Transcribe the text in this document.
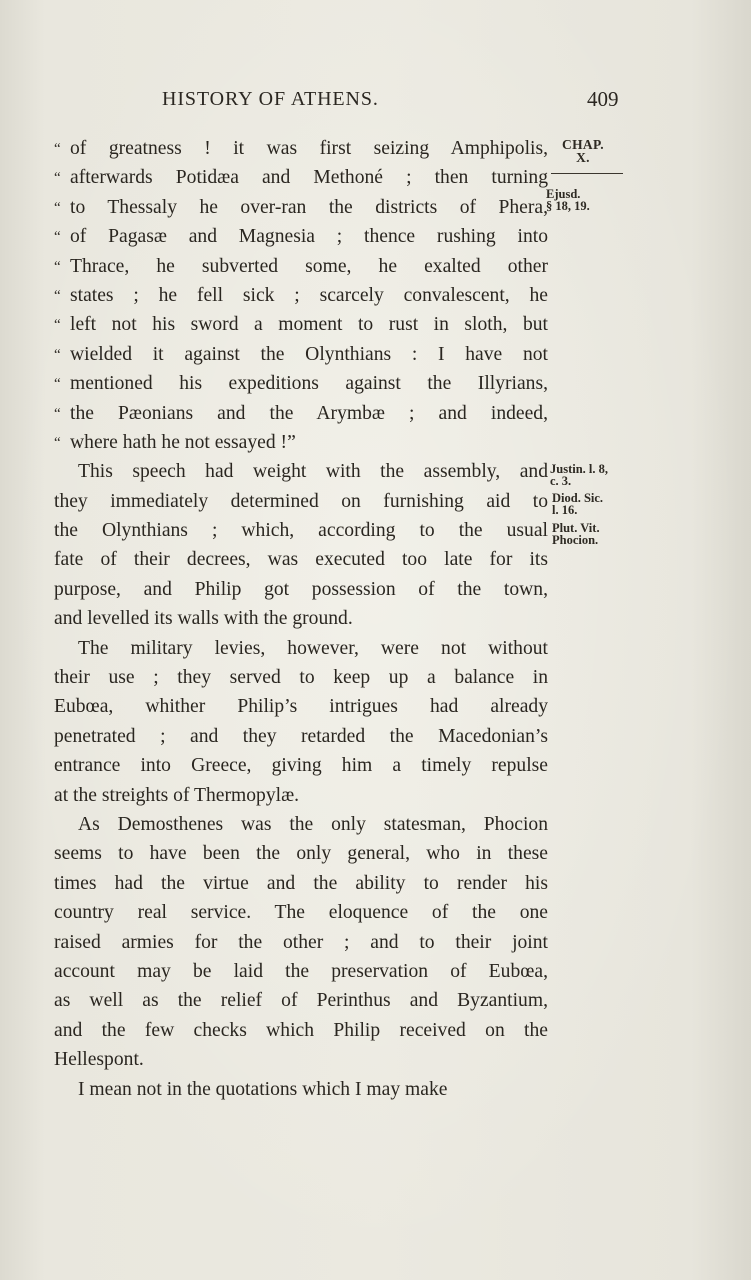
HISTORY OF ATHENS.	409
CHAP.
X.
Ejusd.
§ 18, 19.
Justin. l. 8,
c. 3.
Diod. Sic.
l. 16.
Plut. Vit.
Phocion.
“ of greatness ! it was first seizing Amphipolis,
“ afterwards Potidæa and Methoné ; then turning
“ to Thessaly he over-ran the districts of Phera,
“ of Pagasæ and Magnesia ; thence rushing into
“ Thrace, he subverted some, he exalted other
“ states ; he fell sick ; scarcely convalescent, he
“ left not his sword a moment to rust in sloth, but
“ wielded it against the Olynthians : I have not
“ mentioned his expeditions against the Illyrians,
“ the Pæonians and the Arymbæ ; and indeed,
“ where hath he not essayed !”
This speech had weight with the assembly, and
they immediately determined on furnishing aid to
the Olynthians ; which, according to the usual
fate of their decrees, was executed too late for its
purpose, and Philip got possession of the town,
and levelled its walls with the ground.
The military levies, however, were not without
their use ; they served to keep up a balance in
Eubœa, whither Philip’s intrigues had already
penetrated ; and they retarded the Macedonian’s
entrance into Greece, giving him a timely repulse
at the streights of Thermopylæ.
As Demosthenes was the only statesman, Phocion
seems to have been the only general, who in these
times had the virtue and the ability to render his
country real service. The eloquence of the one
raised armies for the other ; and to their joint
account may be laid the preservation of Eubœa,
as well as the relief of Perinthus and Byzantium,
and the few checks which Philip received on the
Hellespont.
I mean not in the quotations which I may make
